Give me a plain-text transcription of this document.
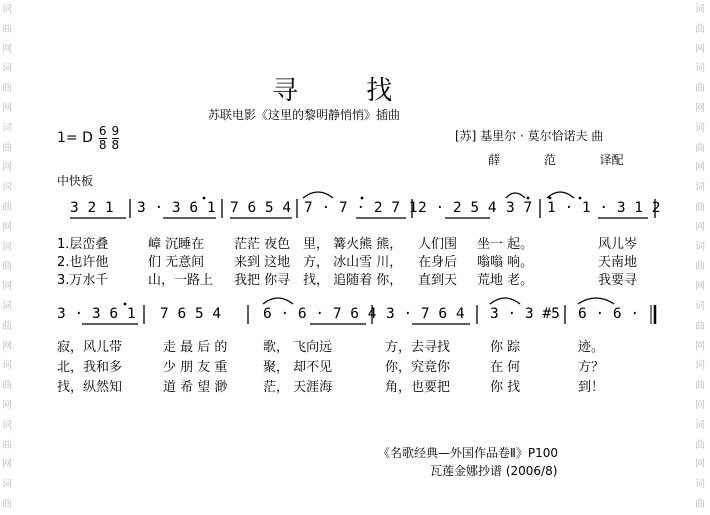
词
曲
网
词
曲
网
词
曲
网
词
曲
网
词
曲
网
词
曲
网
词
曲
网
词
曲
网
词
曲
词
曲
网
词
曲
网
词
曲
网
词
曲
网
词
曲
网
词
曲
网
词
曲
网
词
曲
网
词
曲
寻 找
苏联电影《这里的黎明静悄悄》插曲
1= D $\frac{6}{8} \frac{9}{8}$	[苏] 基里尔 · 莫尔恰诺夫 曲
薛 范 译配
中快板
3 2 1 3 · 3 6 1 7 6 5 4 7 · 7 · 2 7 1 2 · 2 5 4 3 7 1 · 1 · 3 1 2
1.层峦叠	嶂 沉睡在 茫茫 夜色 里， 篝火熊 熊， 人们围 坐一 起。	风儿岑
2.也许他	们 无意间 来到 这地 方， 冰山雪 川， 在身后 嗡嗡 响。	天南地
3.万水千	山，一路上 我把 你寻 找， 追随着 你， 直到天 荒地 老。	我要寻
3 · 3 6 1 7 6 5 4	6 · 6 · 7 6 4 3 · 7 6 4 3 · 3 #5 6 · 6 ·
寂，风儿带	走 最 后 的	歌， 飞向远	方，去寻找	你 踪	迹。
北，我和多	少 朋 友 重	聚， 却不见	你，究竟你	在 何	方？
找，纵然知	道 希 望 渺	茫， 天涯海	角，也要把	你 找	到！
《名歌经典—外国作品卷Ⅱ》P100
瓦莲金娜抄谱 (2006/8)
